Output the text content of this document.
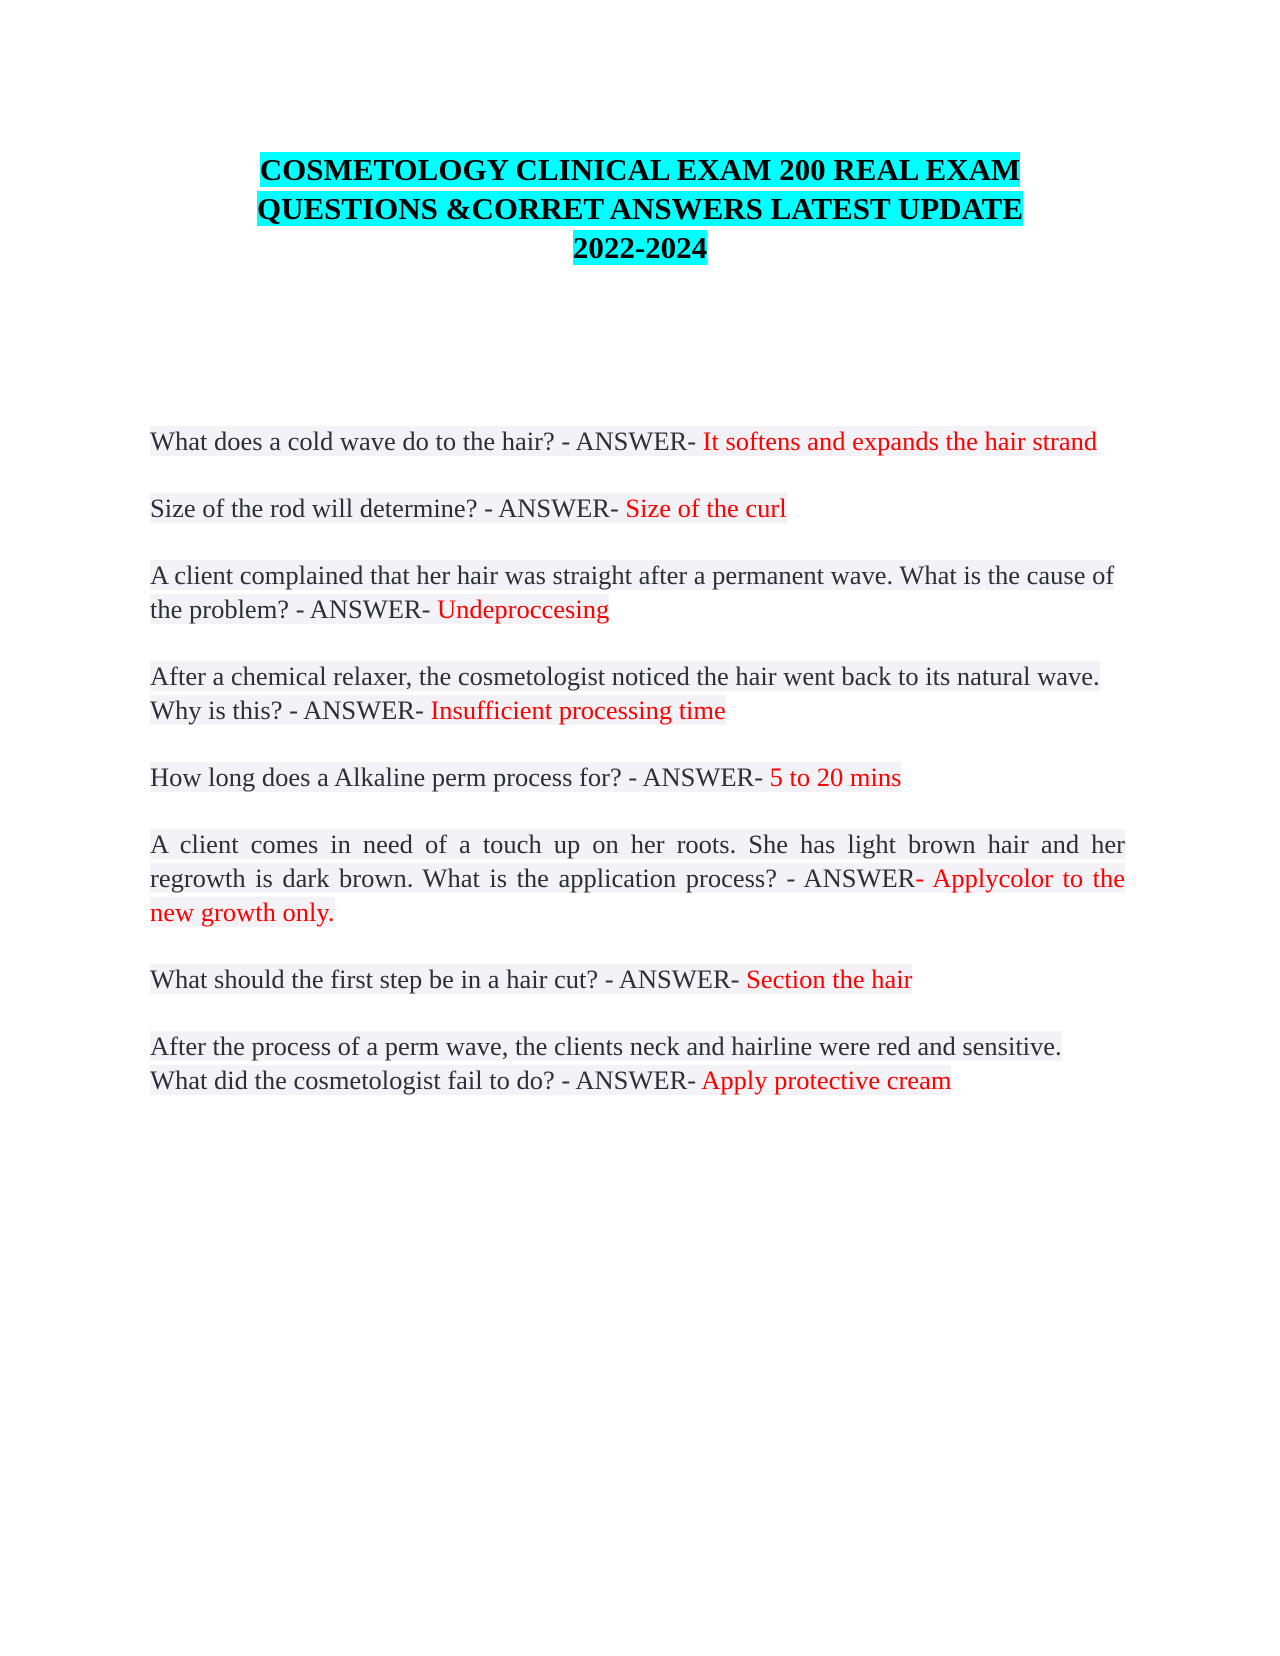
COSMETOLOGY CLINICAL EXAM 200 REAL EXAM
QUESTIONS &CORRET ANSWERS LATEST UPDATE
2022-2024

What does a cold wave do to the hair? - ANSWER- It softens and expands the hair strand

Size of the rod will determine? - ANSWER- Size of the curl

A client complained that her hair was straight after a permanent wave. What is the cause of the problem? - ANSWER- Undeproccesing

After a chemical relaxer, the cosmetologist noticed the hair went back to its natural wave. Why is this? - ANSWER- Insufficient processing time

How long does a Alkaline perm process for? - ANSWER- 5 to 20 mins

A client comes in need of a touch up on her roots. She has light brown hair and her regrowth is dark brown. What is the application process? - ANSWER- Applycolor to the new growth only.

What should the first step be in a hair cut? - ANSWER- Section the hair

After the process of a perm wave, the clients neck and hairline were red and sensitive. What did the cosmetologist fail to do? - ANSWER- Apply protective cream
